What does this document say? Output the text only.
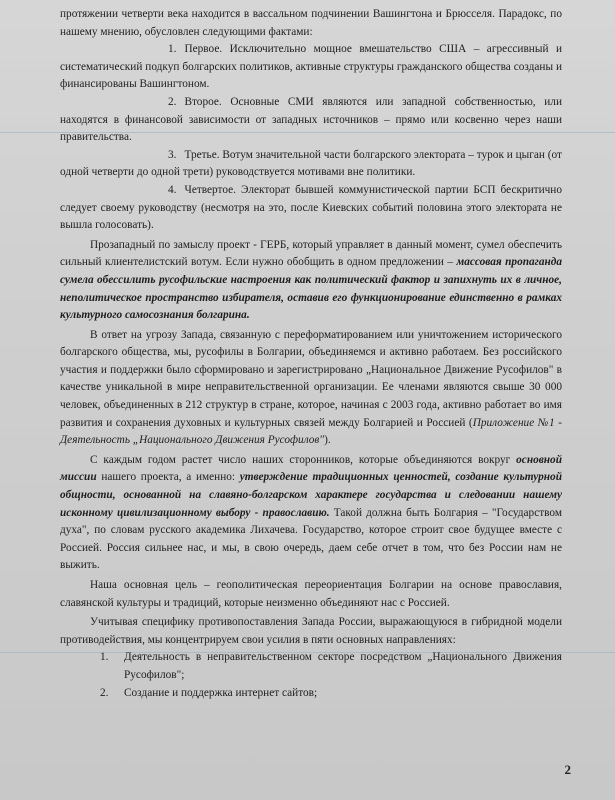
протяжении четверти века находится в вассальном подчинении Вашингтона и Брюсселя. Парадокс, по нашему мнению, обусловлен следующими фактами:

1. Первое. Исключительно мощное вмешательство США – агрессивный и систематический подкуп болгарских политиков, активные структуры гражданского общества созданы и финансированы Вашингтоном.

2. Второе. Основные СМИ являются или западной собственностью, или находятся в финансовой зависимости от западных источников – прямо или косвенно через наши правительства.

3. Третье. Вотум значительной части болгарского электората – турок и цыган (от одной четверти до одной трети) руководствуется мотивами вне политики.

4. Четвертое. Электорат бывшей коммунистической партии БСП бескритично следует своему руководству (несмотря на это, после Киевских событий половина этого электората не вышла голосовать).

Прозападный по замыслу проект - ГЕРБ, который управляет в данный момент, сумел обеспечить сильный клиентелистский вотум. Если нужно обобщить в одном предложении – массовая пропаганда сумела обессилить русофильские настроения как политический фактор и запихнуть их в личное, неполитическое пространство избирателя, оставив его функционирование единственно в рамках культурного самосознания болгарина.

В ответ на угрозу Запада, связанную с переформатированием или уничтожением исторического болгарского общества, мы, русофилы в Болгарии, объединяемся и активно работаем. Без российского участия и поддержки было сформировано и зарегистрировано „Национальное Движение Русофилов" в качестве уникальной в мире неправительственной организации. Ее членами являются свыше 30 000 человек, объединенных в 212 структур в стране, которое, начиная с 2003 года, активно работает во имя развития и сохранения духовных и культурных связей между Болгарией и Россией (Приложение №1 - Деятельность „Национального Движения Русофилов").

С каждым годом растет число наших сторонников, которые объединяются вокруг основной миссии нашего проекта, а именно: утверждение традиционных ценностей, создание культурной общности, основанной на славяно-болгарском характере государства и следовании нашему исконному цивилизационному выбору - православию. Такой должна быть Болгария – "Государством духа", по словам русского академика Лихачева. Государство, которое строит свое будущее вместе с Россией. Россия сильнее нас, и мы, в свою очередь, даем себе отчет в том, что без России нам не выжить.

Наша основная цель – геополитическая переориентация Болгарии на основе православия, славянской культуры и традиций, которые неизменно объединяют нас с Россией.

Учитывая специфику противопоставления Запада России, выражающуюся в гибридной модели противодействия, мы концентрируем свои усилия в пяти основных направлениях:

1. Деятельность в неправительственном секторе посредством „Национального Движения Русофилов";
2. Создание и поддержка интернет сайтов;
2
